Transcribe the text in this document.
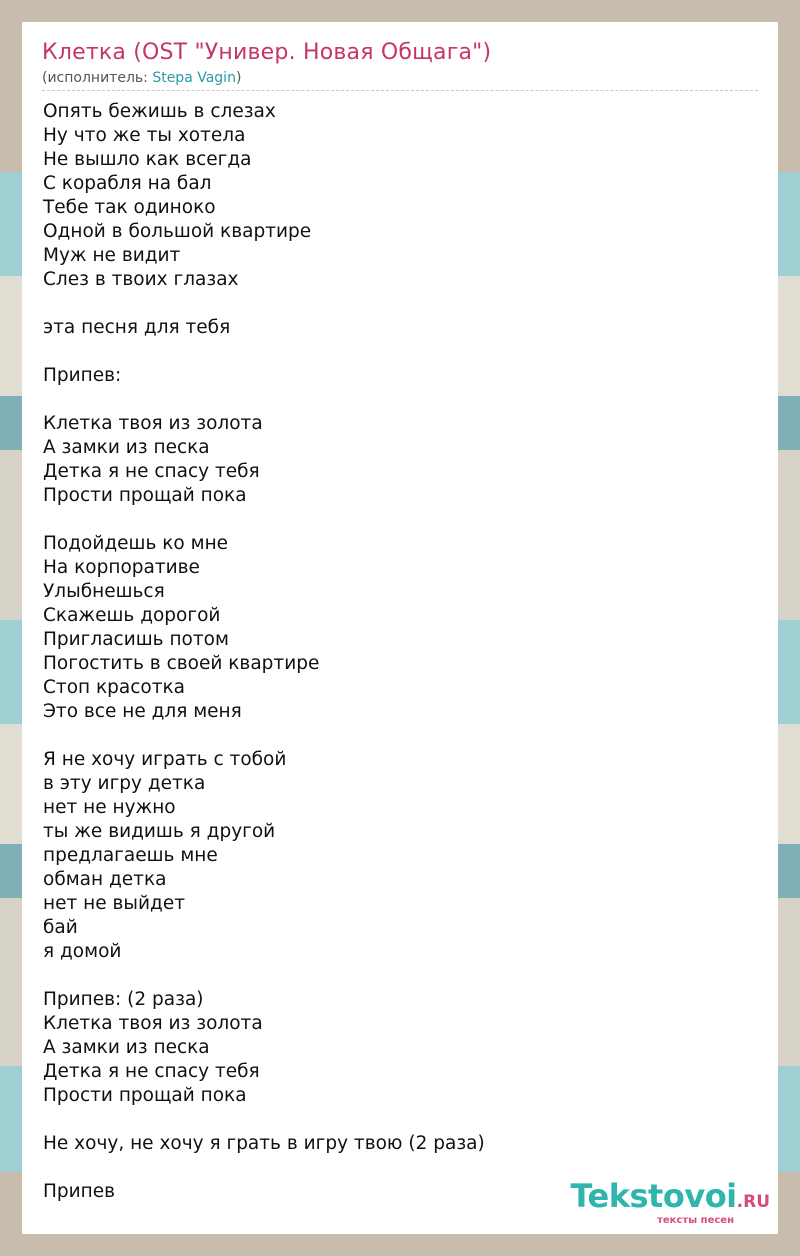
Клетка (OST "Универ. Новая Общага")
(исполнитель: Stepa Vagin)
Опять бежишь в слезах
Ну что же ты хотела
Не вышло как всегда
С корабля на бал
Тебе так одиноко
Одной в большой квартире
Муж не видит
Слез в твоих глазах
эта песня для тебя
Припев:
Клетка твоя из золота
А замки из песка
Детка я не спасу тебя
Прости прощай пока
Подойдешь ко мне
На корпоративе
Улыбнешься
Скажешь дорогой
Пригласишь потом
Погостить в своей квартире
Стоп красотка
Это все не для меня
Я не хочу играть с тобой
в эту игру детка
нет не нужно
ты же видишь я другой
предлагаешь мне
обман детка
нет не выйдет
бай
я домой
Припев: (2 раза)
Клетка твоя из золота
А замки из песка
Детка я не спасу тебя
Прости прощай пока
Не хочу, не хочу я грать в игру твою (2 раза)
Припев	Tekstovoi.RU
тексты песен
